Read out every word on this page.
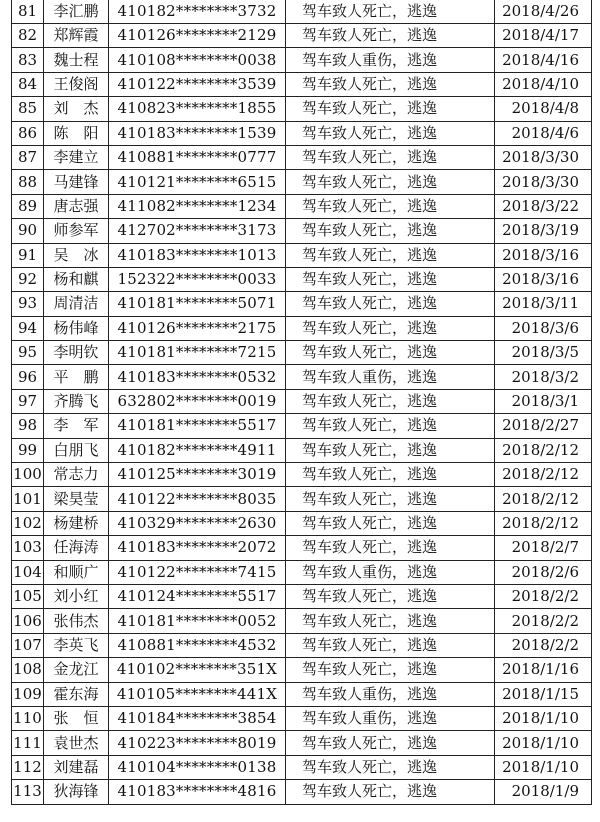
81	李汇鹏	410182********3732	驾车致人死亡，逃逸	2018/4/26
82	郑辉霞	410126********2129	驾车致人死亡，逃逸	2018/4/17
83	魏士程	410108********0038	驾车致人重伤，逃逸	2018/4/16
84	王俊阁	410122********3539	驾车致人死亡，逃逸	2018/4/10
85	刘　杰	410823********1855	驾车致人死亡，逃逸	2018/4/8
86	陈　阳	410183********1539	驾车致人死亡，逃逸	2018/4/6
87	李建立	410881********0777	驾车致人死亡，逃逸	2018/3/30
88	马建锋	410121********6515	驾车致人死亡，逃逸	2018/3/30
89	唐志强	411082********1234	驾车致人死亡，逃逸	2018/3/22
90	师参军	412702********3173	驾车致人死亡，逃逸	2018/3/19
91	吴　冰	410183********1013	驾车致人死亡，逃逸	2018/3/16
92	杨和麒	152322********0033	驾车致人死亡，逃逸	2018/3/16
93	周清洁	410181********5071	驾车致人死亡，逃逸	2018/3/11
94	杨伟峰	410126********2175	驾车致人死亡，逃逸	2018/3/6
95	李明钦	410181********7215	驾车致人死亡，逃逸	2018/3/5
96	平　鹏	410183********0532	驾车致人重伤，逃逸	2018/3/2
97	齐腾飞	632802********0019	驾车致人死亡，逃逸	2018/3/1
98	李　军	410181********5517	驾车致人死亡，逃逸	2018/2/27
99	白朋飞	410182********4911	驾车致人死亡，逃逸	2018/2/12
100	常志力	410125********3019	驾车致人死亡，逃逸	2018/2/12
101	梁昊莹	410122********8035	驾车致人死亡，逃逸	2018/2/12
102	杨建桥	410329********2630	驾车致人死亡，逃逸	2018/2/12
103	任海涛	410183********2072	驾车致人死亡，逃逸	2018/2/7
104	和顺广	410122********7415	驾车致人重伤，逃逸	2018/2/6
105	刘小红	410124********5517	驾车致人死亡，逃逸	2018/2/2
106	张伟杰	410181********0052	驾车致人死亡，逃逸	2018/2/2
107	李英飞	410881********4532	驾车致人死亡，逃逸	2018/2/2
108	金龙江	410102********351X	驾车致人死亡，逃逸	2018/1/16
109	霍东海	410105********441X	驾车致人重伤，逃逸	2018/1/15
110	张　恒	410184********3854	驾车致人重伤，逃逸	2018/1/10
111	袁世杰	410223********8019	驾车致人死亡，逃逸	2018/1/10
112	刘建磊	410104********0138	驾车致人死亡，逃逸	2018/1/10
113	狄海锋	410183********4816	驾车致人死亡，逃逸	2018/1/9
